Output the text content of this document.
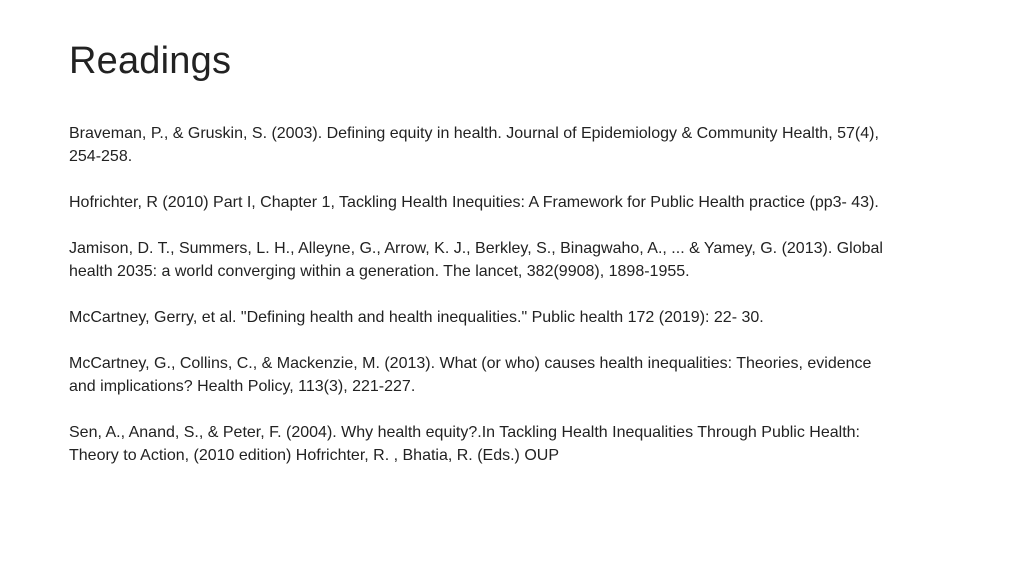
Readings
Braveman, P., & Gruskin, S. (2003). Defining equity in health. Journal of Epidemiology & Community Health, 57(4), 254-258.
Hofrichter, R (2010) Part I, Chapter 1, Tackling Health Inequities: A Framework for Public Health practice (pp3- 43).
Jamison, D. T., Summers, L. H., Alleyne, G., Arrow, K. J., Berkley, S., Binagwaho, A., ... & Yamey, G. (2013). Global health 2035: a world converging within a generation. The lancet, 382(9908), 1898-1955.
McCartney, Gerry, et al. "Defining health and health inequalities." Public health 172 (2019): 22- 30.
McCartney, G., Collins, C., & Mackenzie, M. (2013). What (or who) causes health inequalities: Theories, evidence and implications? Health Policy, 113(3), 221-227.
Sen, A., Anand, S., & Peter, F. (2004). Why health equity?.In Tackling Health Inequalities Through Public Health: Theory to Action, (2010 edition) Hofrichter, R. , Bhatia, R. (Eds.) OUP
